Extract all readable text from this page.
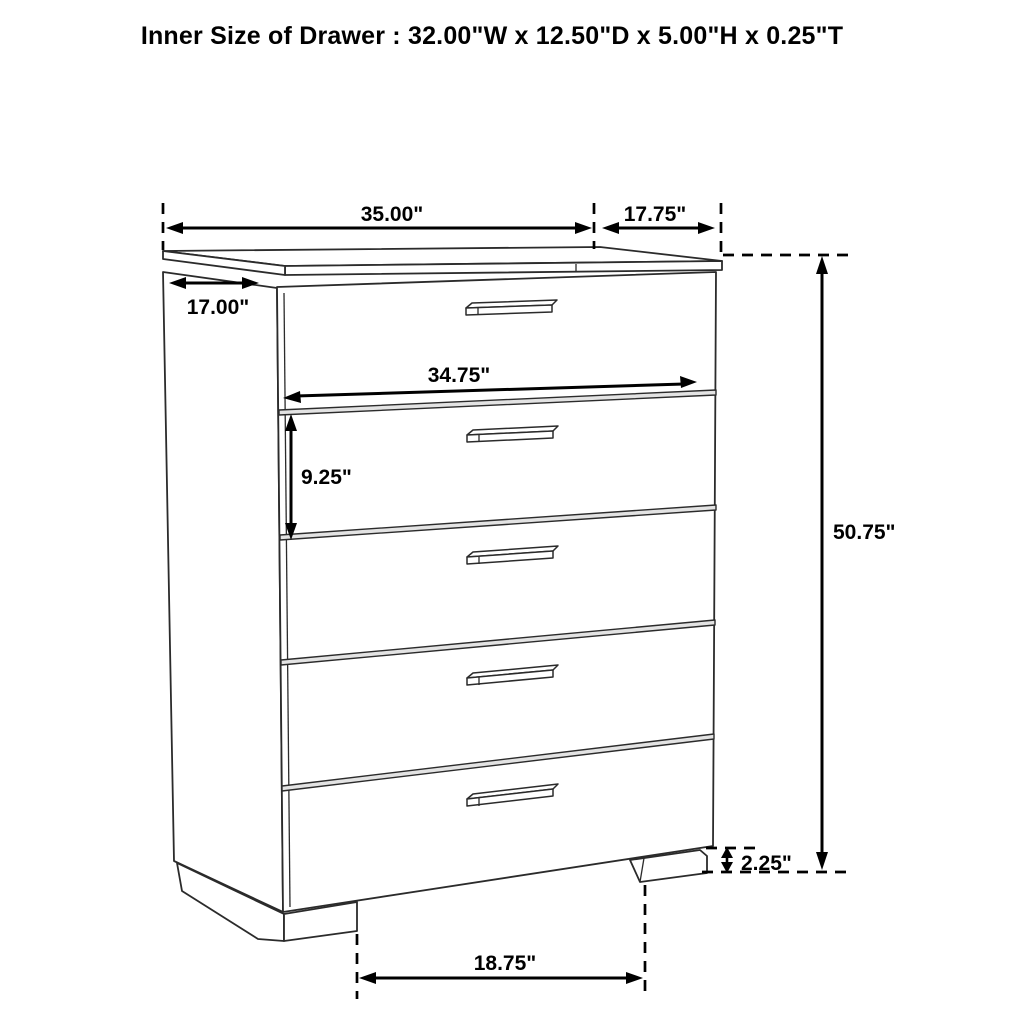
Inner Size of Drawer : 32.00"W x 12.50"D x 5.00"H x 0.25"T
35.00"	17.75"
17.00"
34.75"
9.25"
50.75"
2.25"
18.75"
